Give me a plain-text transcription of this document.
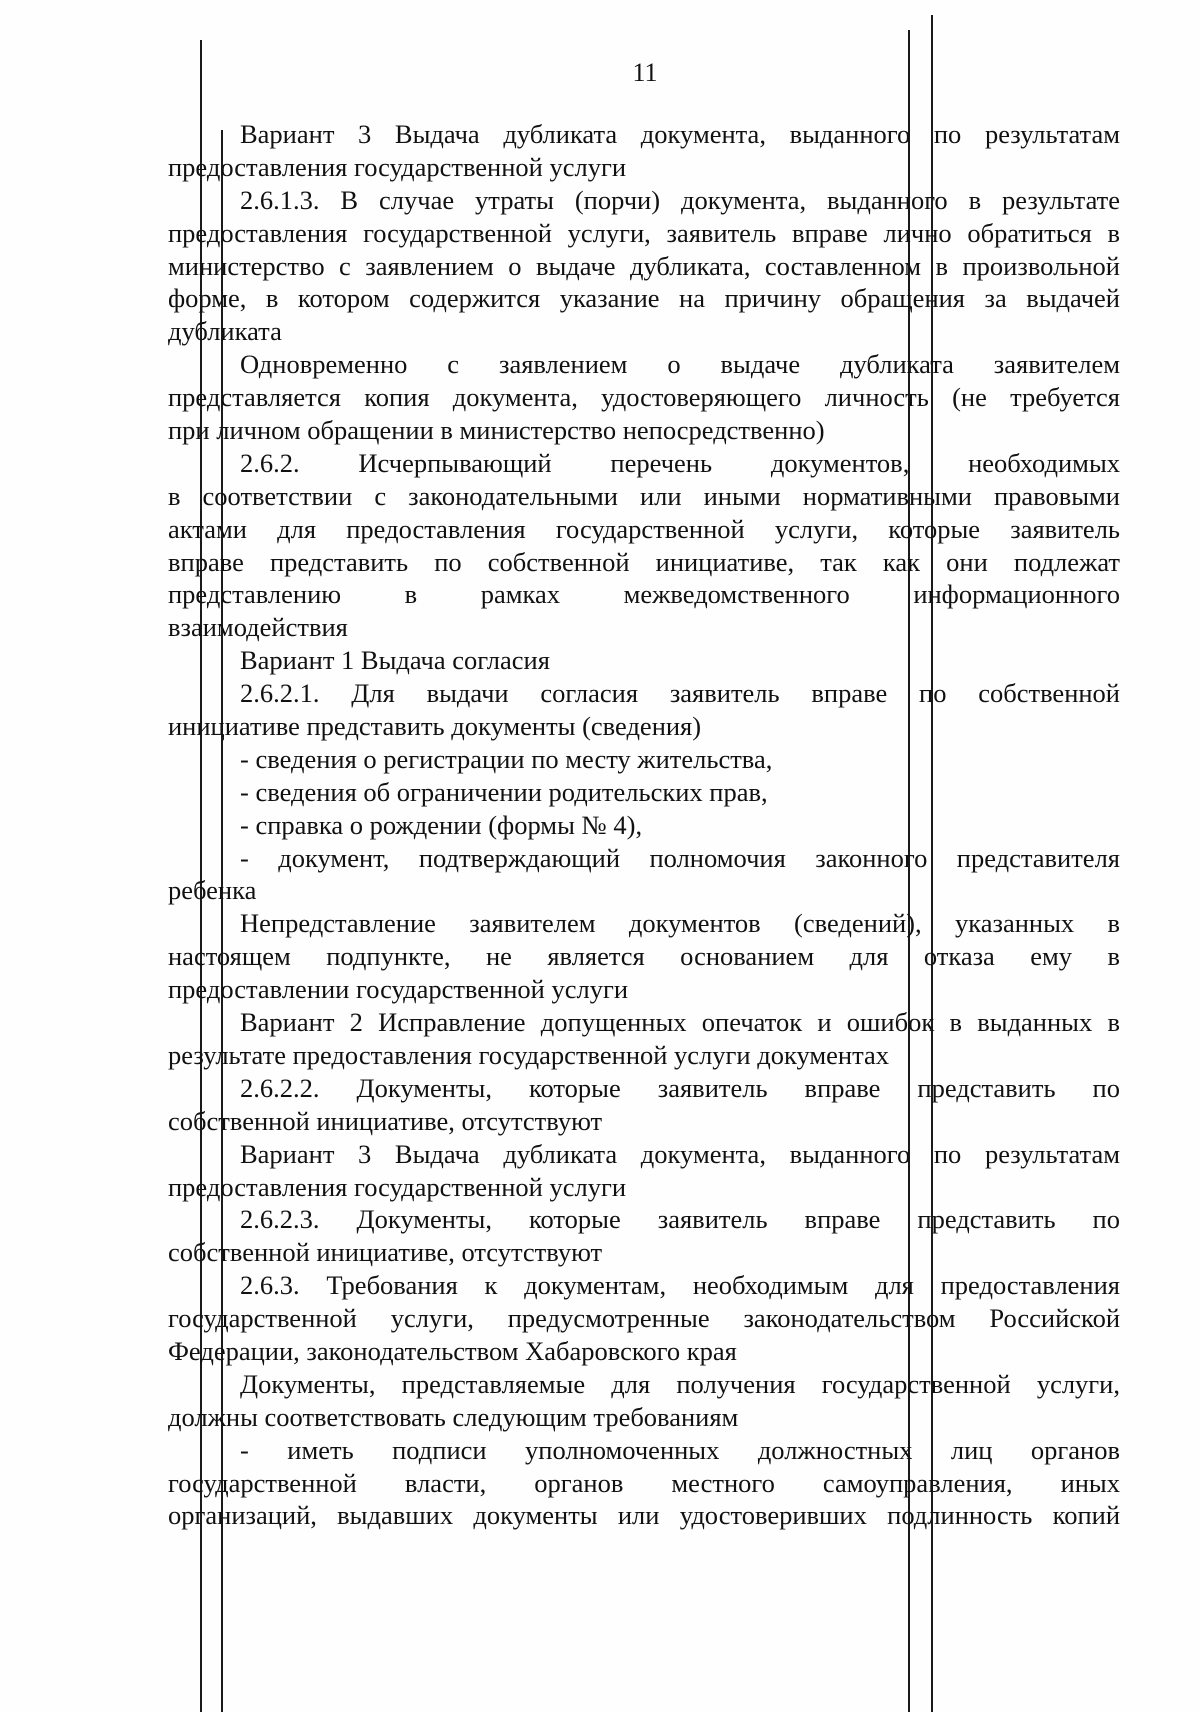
11
Вариант 3 Выдача дубликата документа, выданного по результатам
предоставления государственной услуги
2.6.1.3. В случае утраты (порчи) документа, выданного в результате
предоставления государственной услуги, заявитель вправе лично обратиться в
министерство с заявлением о выдаче дубликата, составленном в произвольной
форме, в котором содержится указание на причину обращения за выдачей
дубликата
Одновременно с заявлением о выдаче дубликата заявителем
представляется копия документа, удостоверяющего личность (не требуется
при личном обращении в министерство непосредственно)
2.6.2. Исчерпывающий перечень документов, необходимых
в соответствии с законодательными или иными нормативными правовыми
актами для предоставления государственной услуги, которые заявитель
вправе представить по собственной инициативе, так как они подлежат
представлению в рамках межведомственного информационного
взаимодействия
Вариант 1 Выдача согласия
2.6.2.1. Для выдачи согласия заявитель вправе по собственной
инициативе представить документы (сведения)
- сведения о регистрации по месту жительства,
- сведения об ограничении родительских прав,
- справка о рождении (формы № 4),
- документ, подтверждающий полномочия законного представителя
ребенка
Непредставление заявителем документов (сведений), указанных в
настоящем подпункте, не является основанием для отказа ему в
предоставлении государственной услуги
Вариант 2 Исправление допущенных опечаток и ошибок в выданных в
результате предоставления государственной услуги документах
2.6.2.2. Документы, которые заявитель вправе представить по
собственной инициативе, отсутствуют
Вариант 3 Выдача дубликата документа, выданного по результатам
предоставления государственной услуги
2.6.2.3. Документы, которые заявитель вправе представить по
собственной инициативе, отсутствуют
2.6.3. Требования к документам, необходимым для предоставления
государственной услуги, предусмотренные законодательством Российской
Федерации, законодательством Хабаровского края
Документы, представляемые для получения государственной услуги,
должны соответствовать следующим требованиям
- иметь подписи уполномоченных должностных лиц органов
государственной власти, органов местного самоуправления, иных
организаций, выдавших документы или удостоверивших подлинность копий
